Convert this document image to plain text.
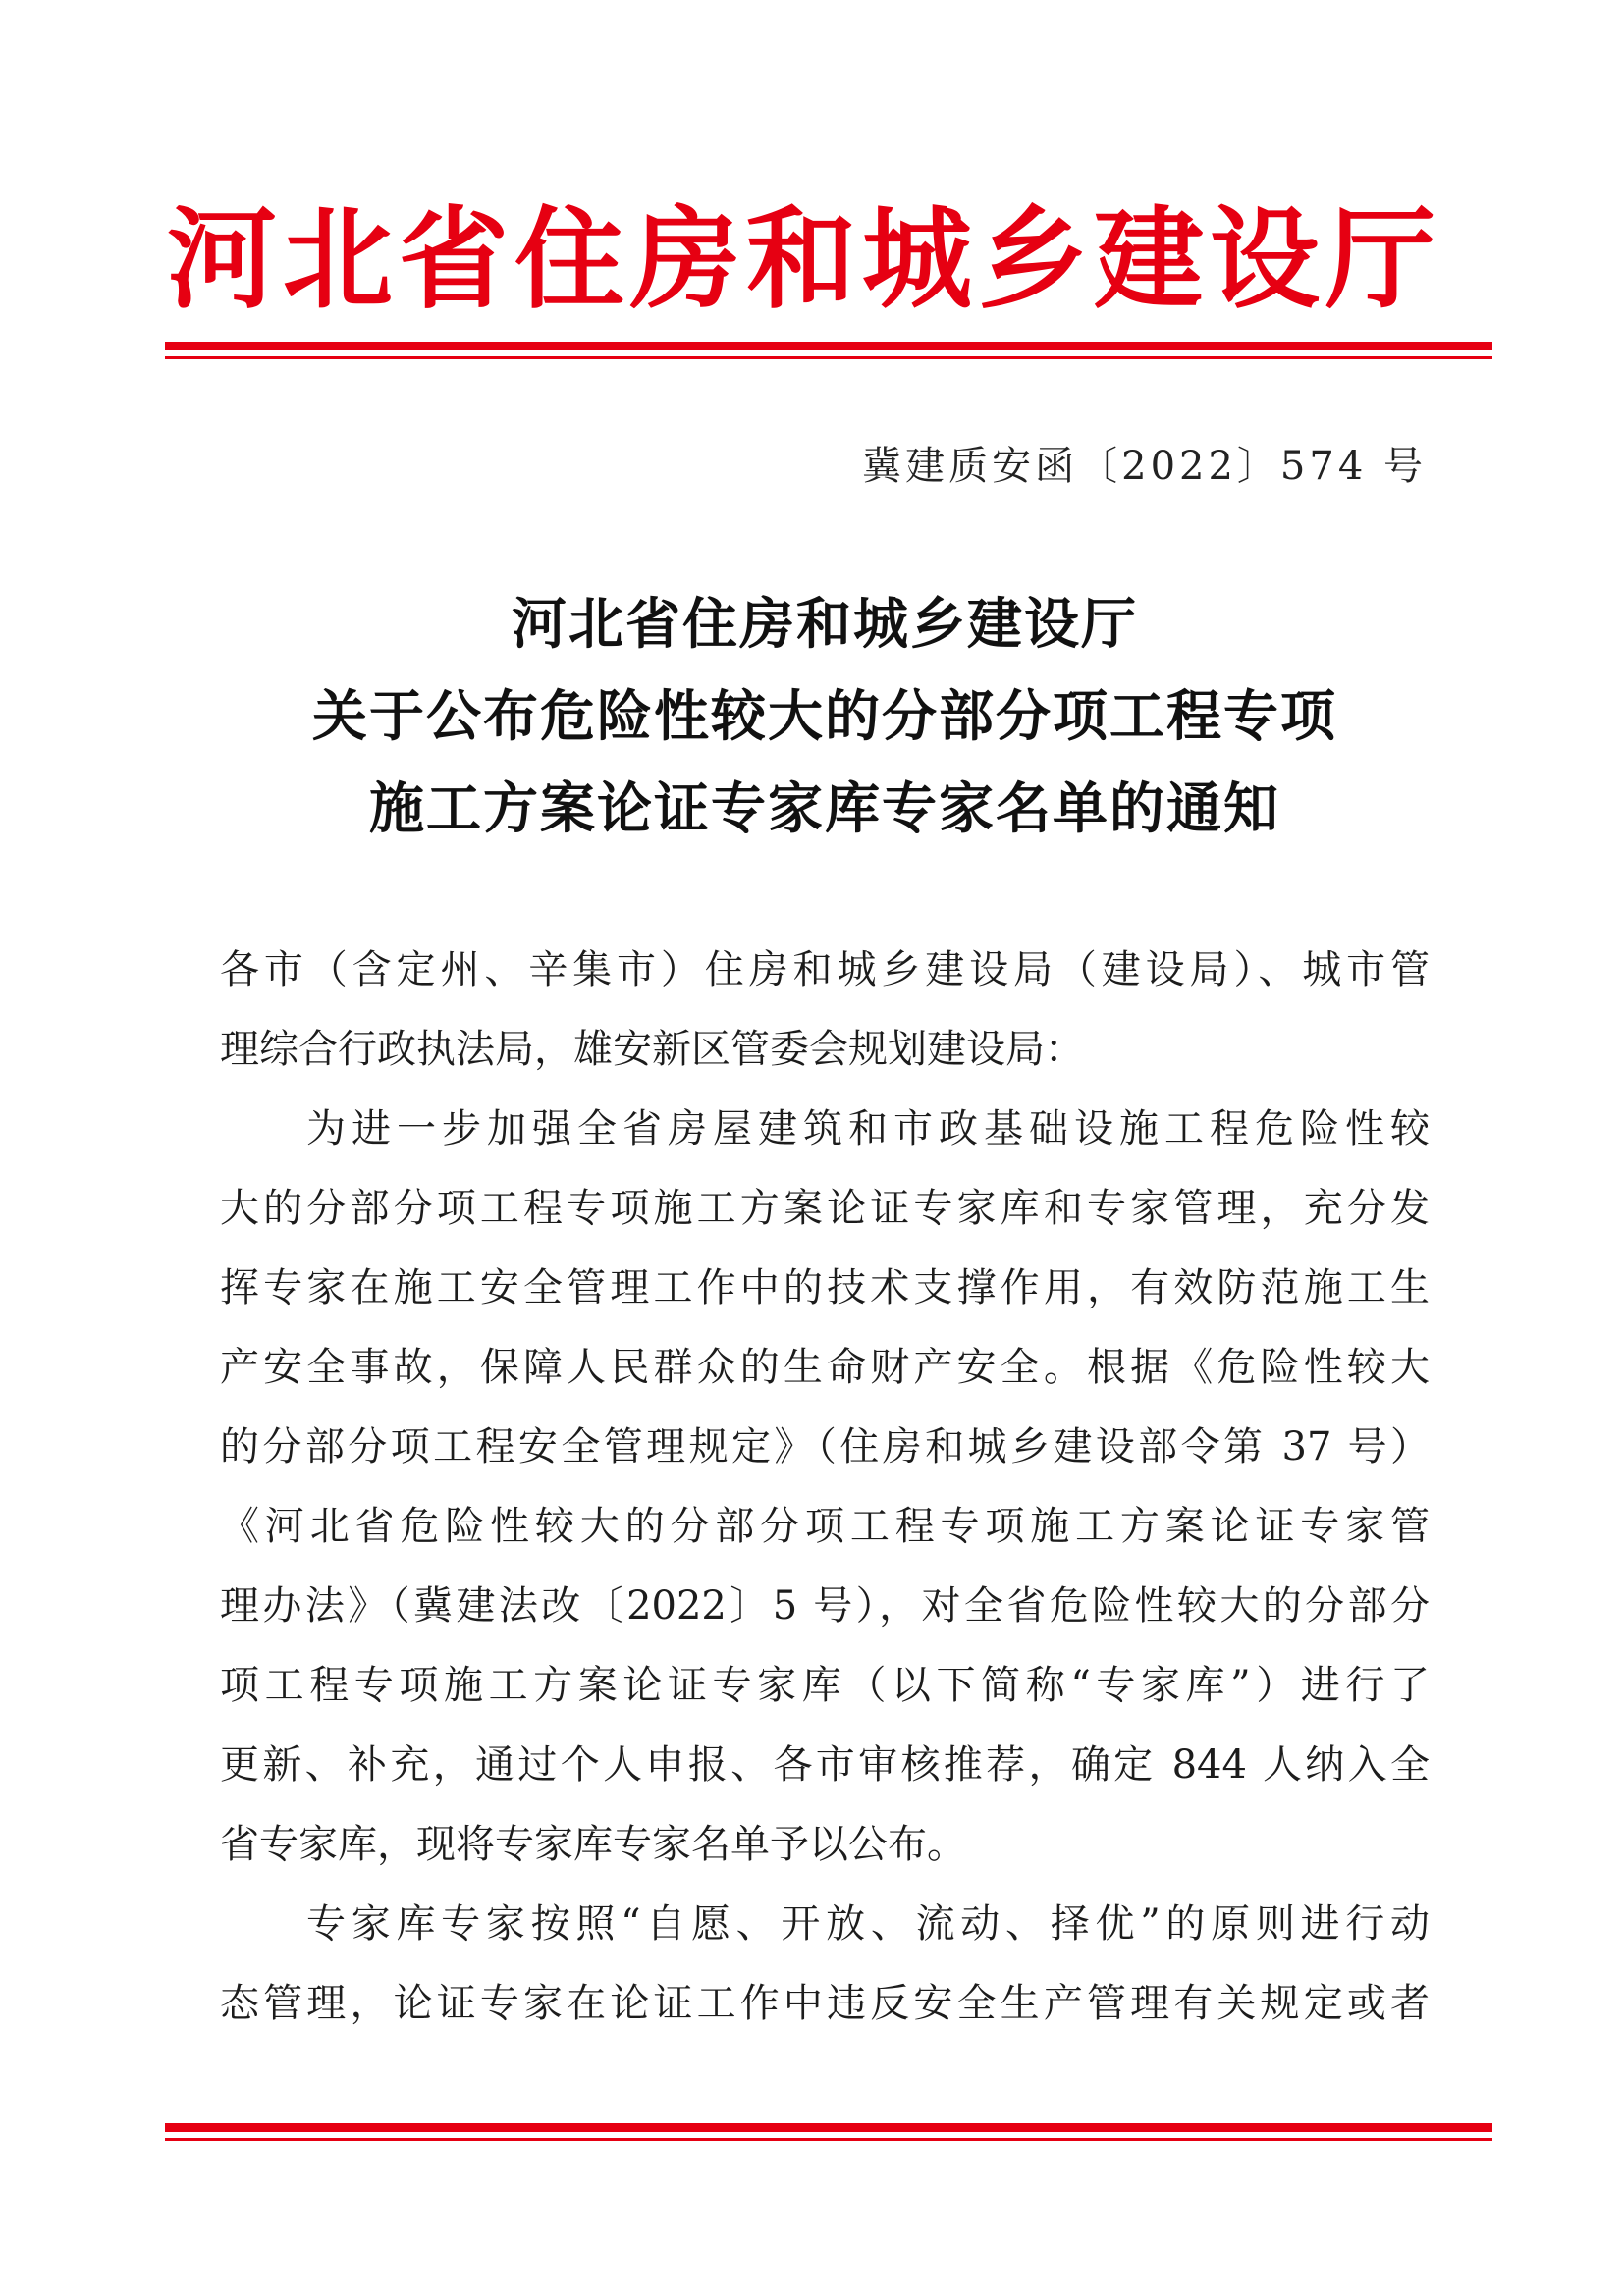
河北省住房和城乡建设厅
冀建质安函〔2022〕574 号
河北省住房和城乡建设厅
关于公布危险性较大的分部分项工程专项
施工方案论证专家库专家名单的通知
各市（含定州、辛集市）住房和城乡建设局（建设局）、城市管
理综合行政执法局，雄安新区管委会规划建设局：
为进一步加强全省房屋建筑和市政基础设施工程危险性较
大的分部分项工程专项施工方案论证专家库和专家管理，充分发
挥专家在施工安全管理工作中的技术支撑作用，有效防范施工生
产安全事故，保障人民群众的生命财产安全。根据《危险性较大
的分部分项工程安全管理规定》（住房和城乡建设部令第 37 号）
《河北省危险性较大的分部分项工程专项施工方案论证专家管
理办法》（冀建法改〔2022〕5 号），对全省危险性较大的分部分
项工程专项施工方案论证专家库（以下简称“专家库”）进行了
更新、补充，通过个人申报、各市审核推荐，确定 844 人纳入全
省专家库，现将专家库专家名单予以公布。
专家库专家按照“自愿、开放、流动、择优”的原则进行动
态管理，论证专家在论证工作中违反安全生产管理有关规定或者
